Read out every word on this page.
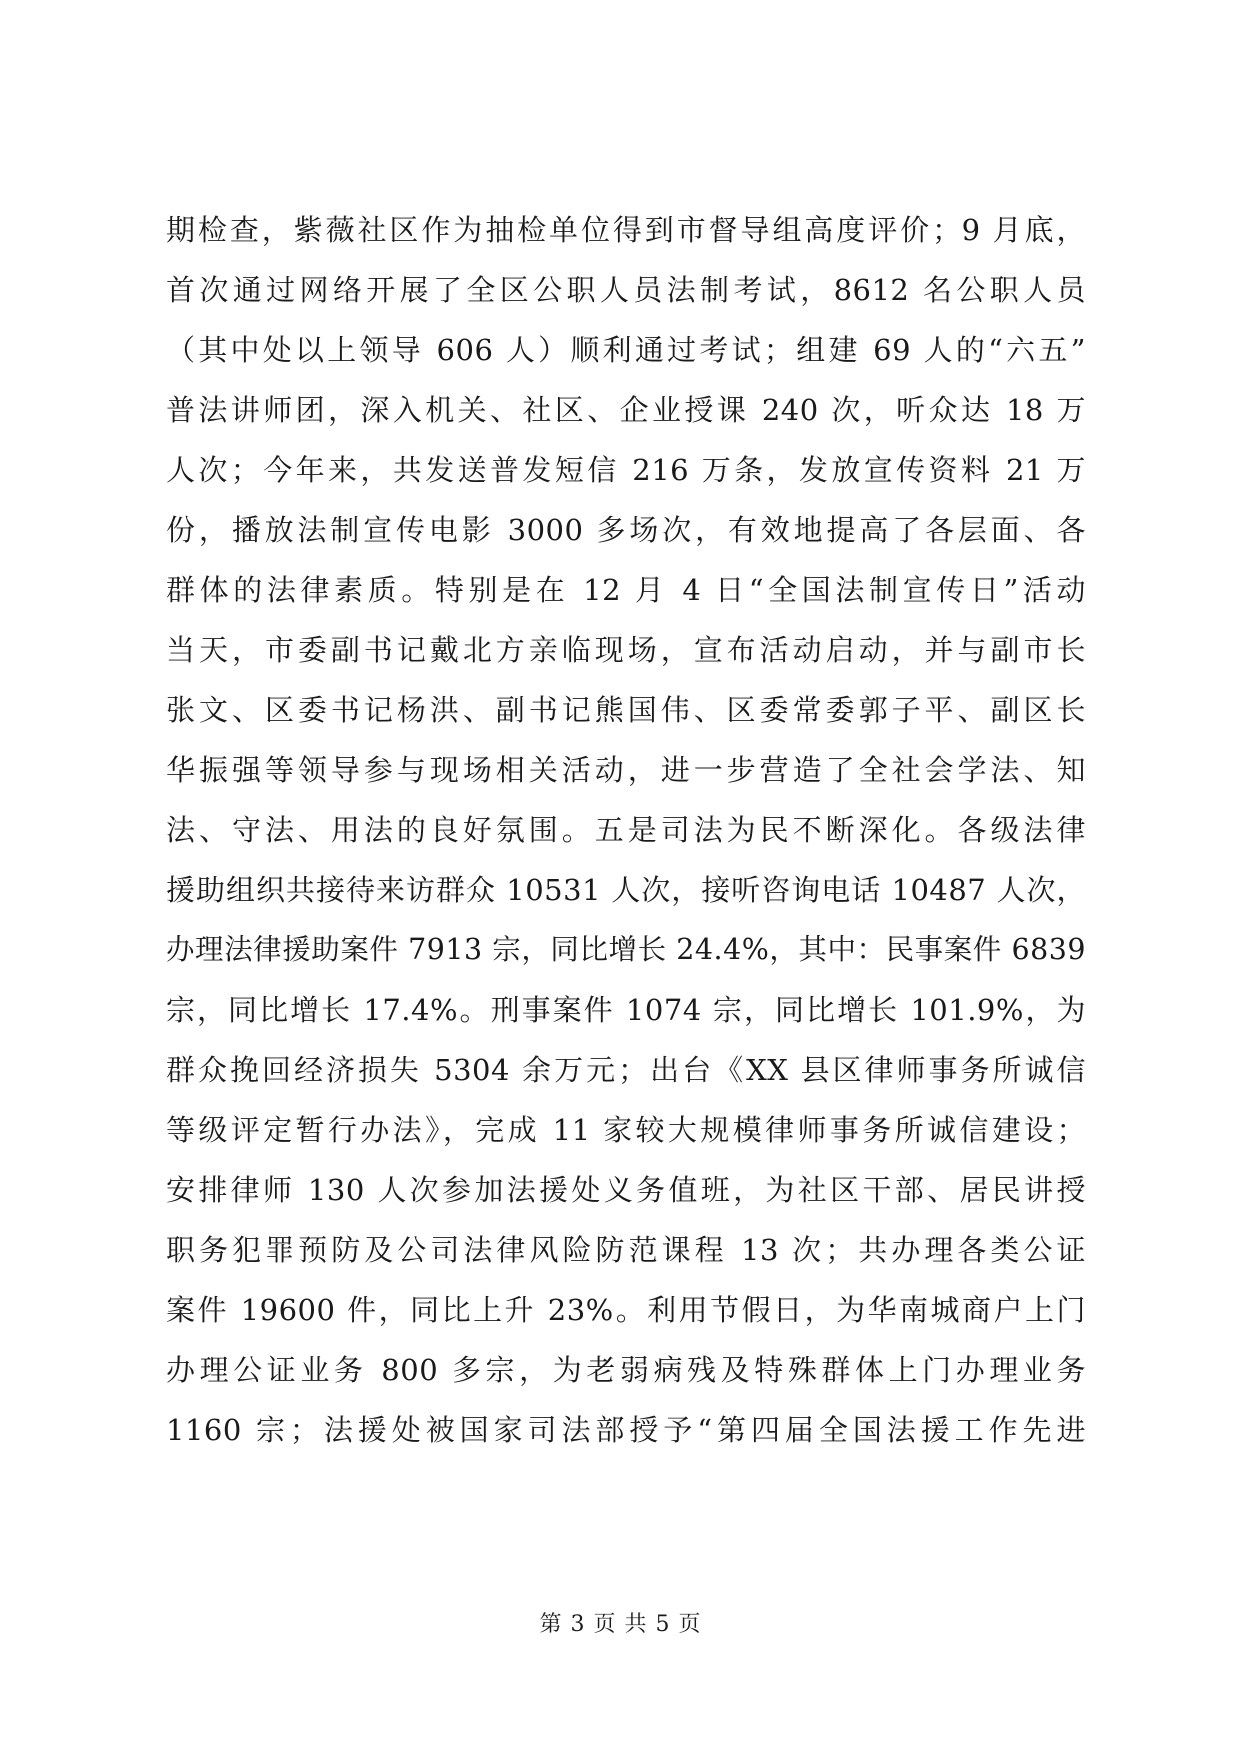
期检查，紫薇社区作为抽检单位得到市督导组高度评价；9 月底，
首次通过网络开展了全区公职人员法制考试，8612 名公职人员
（其中处以上领导 606 人）顺利通过考试；组建 69 人的“六五”
普法讲师团，深入机关、社区、企业授课 240 次，听众达 18 万
人次；今年来，共发送普发短信 216 万条，发放宣传资料 21 万
份，播放法制宣传电影 3000 多场次，有效地提高了各层面、各
群体的法律素质。特别是在 12 月 4 日“全国法制宣传日”活动
当天，市委副书记戴北方亲临现场，宣布活动启动，并与副市长
张文、区委书记杨洪、副书记熊国伟、区委常委郭子平、副区长
华振强等领导参与现场相关活动，进一步营造了全社会学法、知
法、守法、用法的良好氛围。五是司法为民不断深化。各级法律
援助组织共接待来访群众 10531 人次，接听咨询电话 10487 人次，
办理法律援助案件 7913 宗，同比增长 24.4%，其中：民事案件 6839
宗，同比增长 17.4%。刑事案件 1074 宗，同比增长 101.9%，为
群众挽回经济损失 5304 余万元；出台《XX 县区律师事务所诚信
等级评定暂行办法》，完成 11 家较大规模律师事务所诚信建设；
安排律师 130 人次参加法援处义务值班，为社区干部、居民讲授
职务犯罪预防及公司法律风险防范课程 13 次；共办理各类公证
案件 19600 件，同比上升 23%。利用节假日，为华南城商户上门
办理公证业务 800 多宗，为老弱病残及特殊群体上门办理业务
1160 宗；法援处被国家司法部授予“第四届全国法援工作先进
第 3 页 共 5 页
